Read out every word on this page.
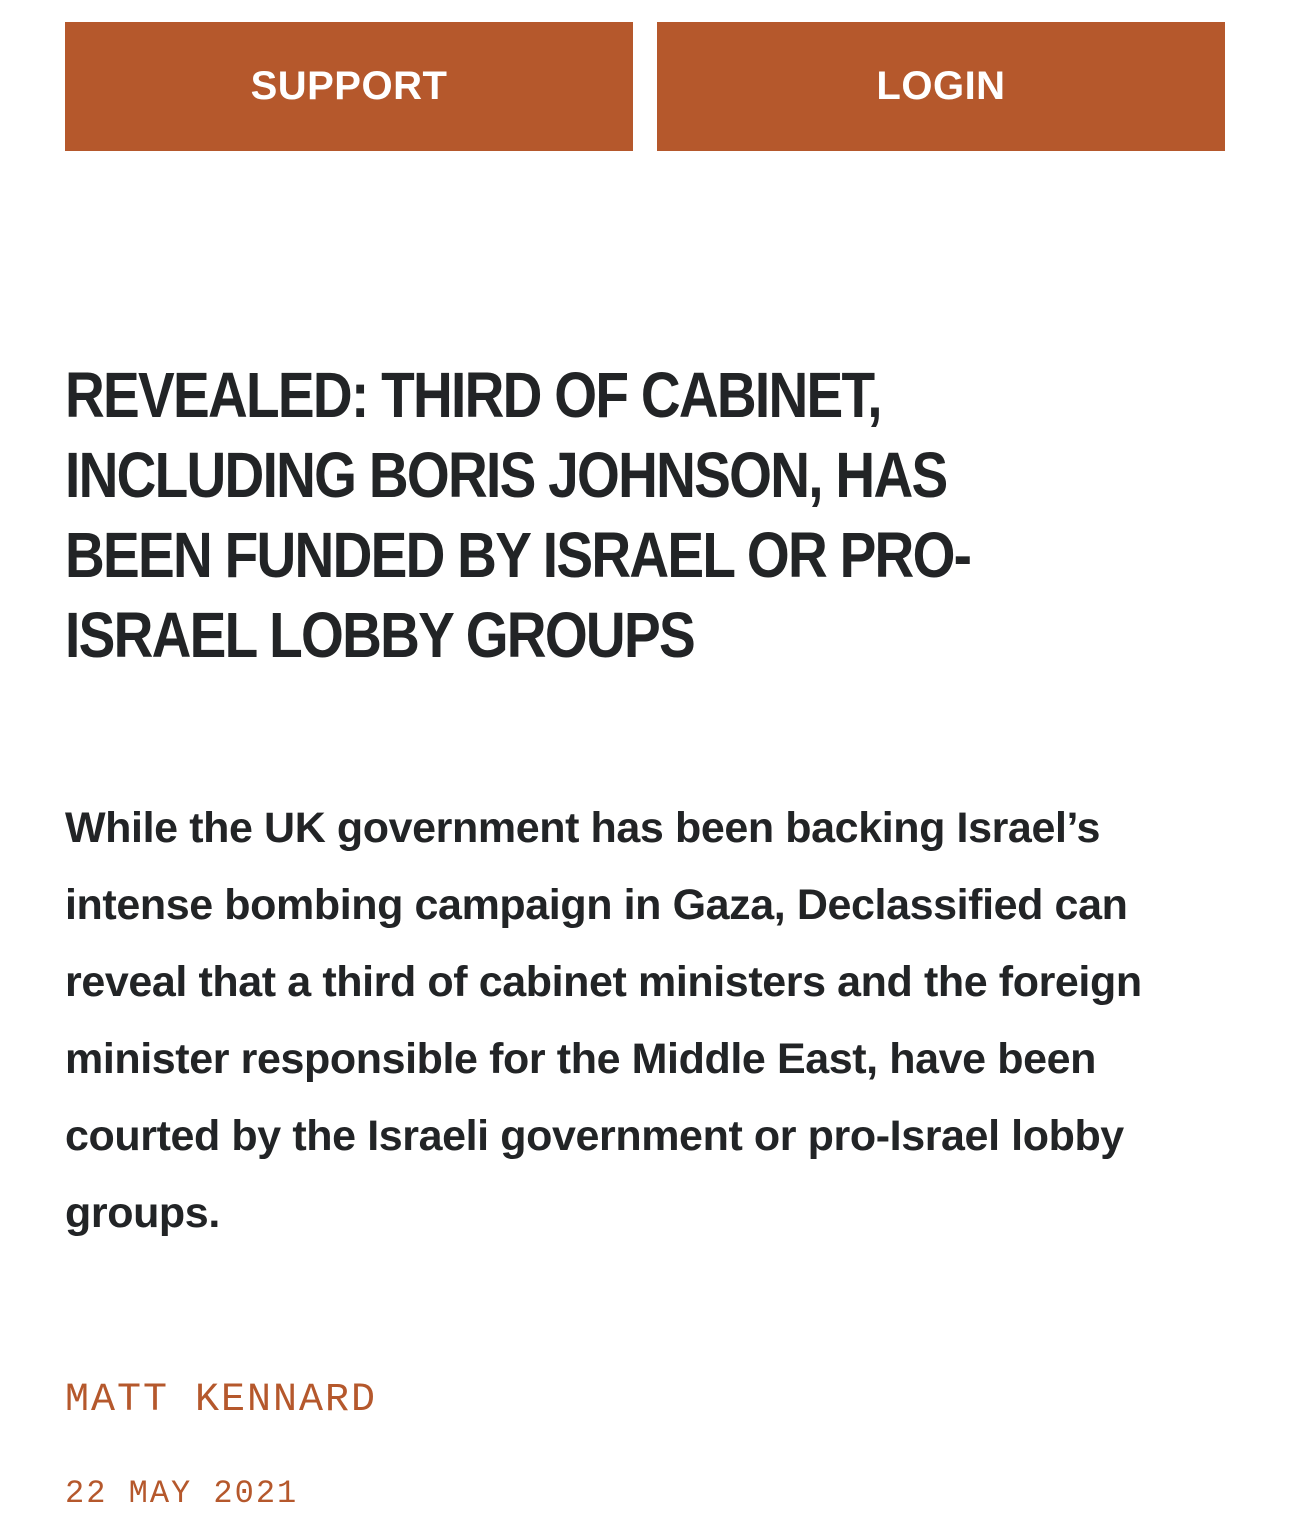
SUPPORT	LOGIN
REVEALED: THIRD OF CABINET,
INCLUDING BORIS JOHNSON, HAS
BEEN FUNDED BY ISRAEL OR PRO-
ISRAEL LOBBY GROUPS

While the UK government has been backing Israel’s intense bombing campaign in Gaza, Declassified can reveal that a third of cabinet ministers and the foreign minister responsible for the Middle East, have been courted by the Israeli government or pro-Israel lobby groups.

MATT KENNARD

22 MAY 2021
